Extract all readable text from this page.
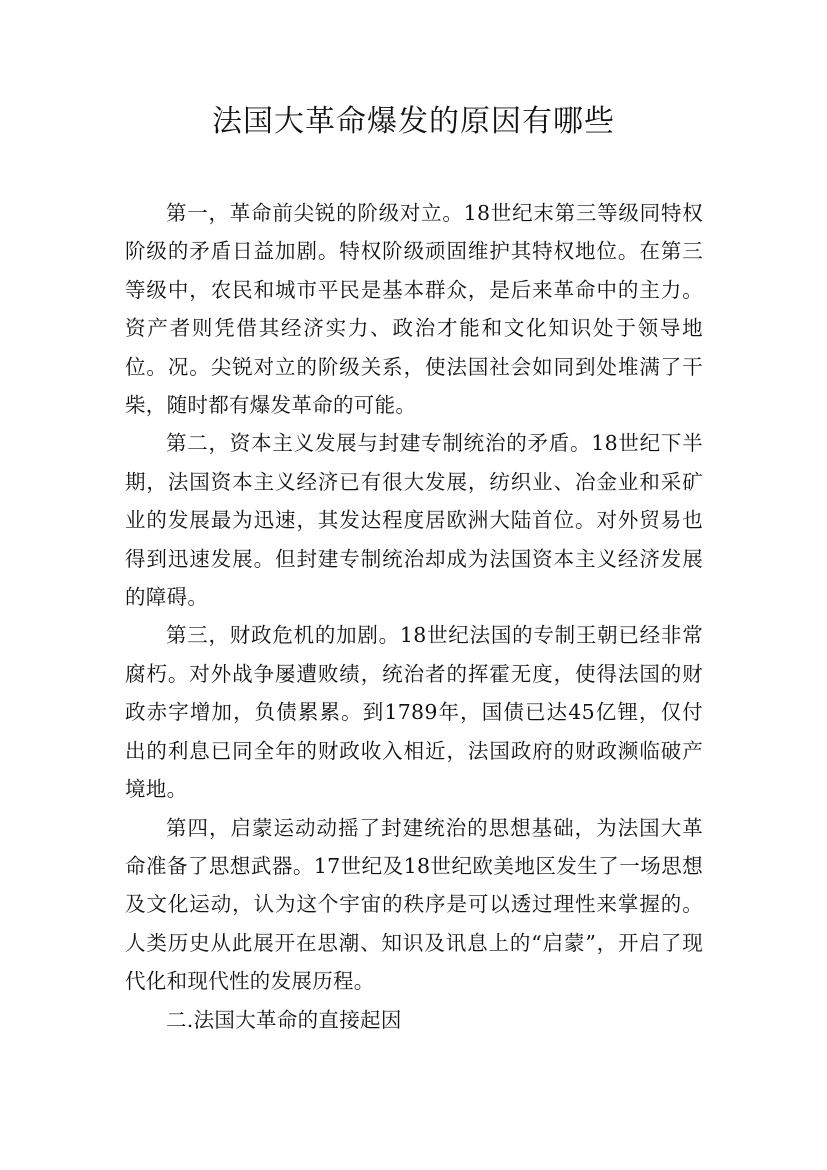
法国大革命爆发的原因有哪些

第一，革命前尖锐的阶级对立。18世纪末第三等级同特权阶级的矛盾日益加剧。特权阶级顽固维护其特权地位。在第三等级中，农民和城市平民是基本群众，是后来革命中的主力。资产者则凭借其经济实力、政治才能和文化知识处于领导地位。况。尖锐对立的阶级关系，使法国社会如同到处堆满了干柴，随时都有爆发革命的可能。

第二，资本主义发展与封建专制统治的矛盾。18世纪下半期，法国资本主义经济已有很大发展，纺织业、冶金业和采矿业的发展最为迅速，其发达程度居欧洲大陆首位。对外贸易也得到迅速发展。但封建专制统治却成为法国资本主义经济发展的障碍。

第三，财政危机的加剧。18世纪法国的专制王朝已经非常腐朽。对外战争屡遭败绩，统治者的挥霍无度，使得法国的财政赤字增加，负债累累。到1789年，国债已达45亿锂，仅付出的利息已同全年的财政收入相近，法国政府的财政濒临破产境地。

第四，启蒙运动动摇了封建统治的思想基础，为法国大革命准备了思想武器。17世纪及18世纪欧美地区发生了一场思想及文化运动，认为这个宇宙的秩序是可以透过理性来掌握的。人类历史从此展开在思潮、知识及讯息上的“启蒙”，开启了现代化和现代性的发展历程。

二.法国大革命的直接起因
